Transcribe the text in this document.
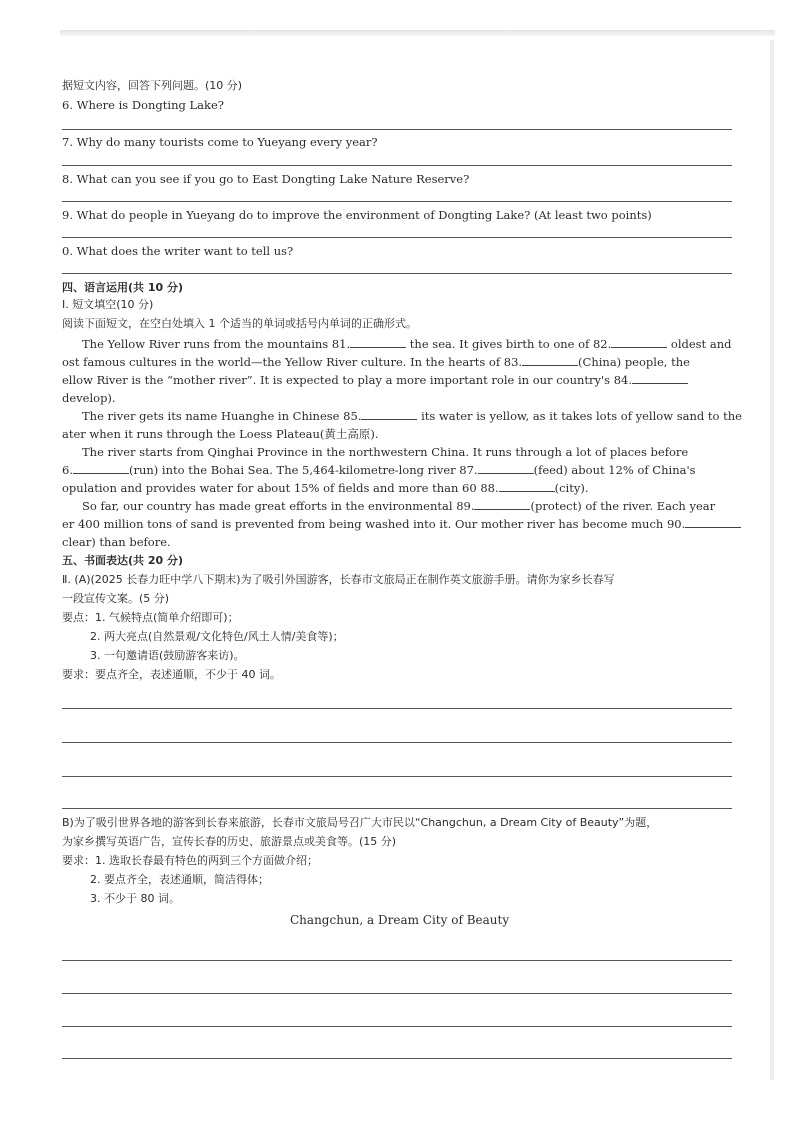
据短文内容，回答下列问题。(10 分)
6. Where is Dongting Lake?
7. Why do many tourists come to Yueyang every year?
8. What can you see if you go to East Dongting Lake Nature Reserve?
9. What do people in Yueyang do to improve the environment of Dongting Lake? (At least two points)
0. What does the writer want to tell us?
四、语言运用(共 10 分)
Ⅰ. 短文填空(10 分)
阅读下面短文，在空白处填入 1 个适当的单词或括号内单词的正确形式。
The Yellow River runs from the mountains 81.	the sea. It gives birth to one of 82.	oldest and
ost famous cultures in the world—the Yellow River culture. In the hearts of 83.	(China) people, the
ellow River is the “mother river”. It is expected to play a more important role in our country's 84.
develop).
The river gets its name Huanghe in Chinese 85.	its water is yellow, as it takes lots of yellow sand to the
ater when it runs through the Loess Plateau(黄土高原).
The river starts from Qinghai Province in the northwestern China. It runs through a lot of places before
6.	(run) into the Bohai Sea. The 5,464-kilometre-long river 87.	(feed) about 12% of China's
opulation and provides water for about 15% of fields and more than 60 88.	(city).
So far, our country has made great efforts in the environmental 89.	(protect) of the river. Each year
er 400 million tons of sand is prevented from being washed into it. Our mother river has become much 90.
clear) than before.
五、书面表达(共 20 分)
Ⅱ. (A)(2025 长春力旺中学八下期末)为了吸引外国游客，长春市文旅局正在制作英文旅游手册。请你为家乡长春写
一段宣传文案。(5 分)
要点：1. 气候特点(简单介绍即可)；
2. 两大亮点(自然景观/文化特色/风土人情/美食等)；
3. 一句邀请语(鼓励游客来访)。
要求：要点齐全，表述通顺，不少于 40 词。
B)为了吸引世界各地的游客到长春来旅游，长春市文旅局号召广大市民以“Changchun, a Dream City of Beauty”为题，
为家乡撰写英语广告，宣传长春的历史、旅游景点或美食等。(15 分)
要求：1. 选取长春最有特色的两到三个方面做介绍；
2. 要点齐全，表述通顺，简洁得体；
3. 不少于 80 词。
Changchun, a Dream City of Beauty
